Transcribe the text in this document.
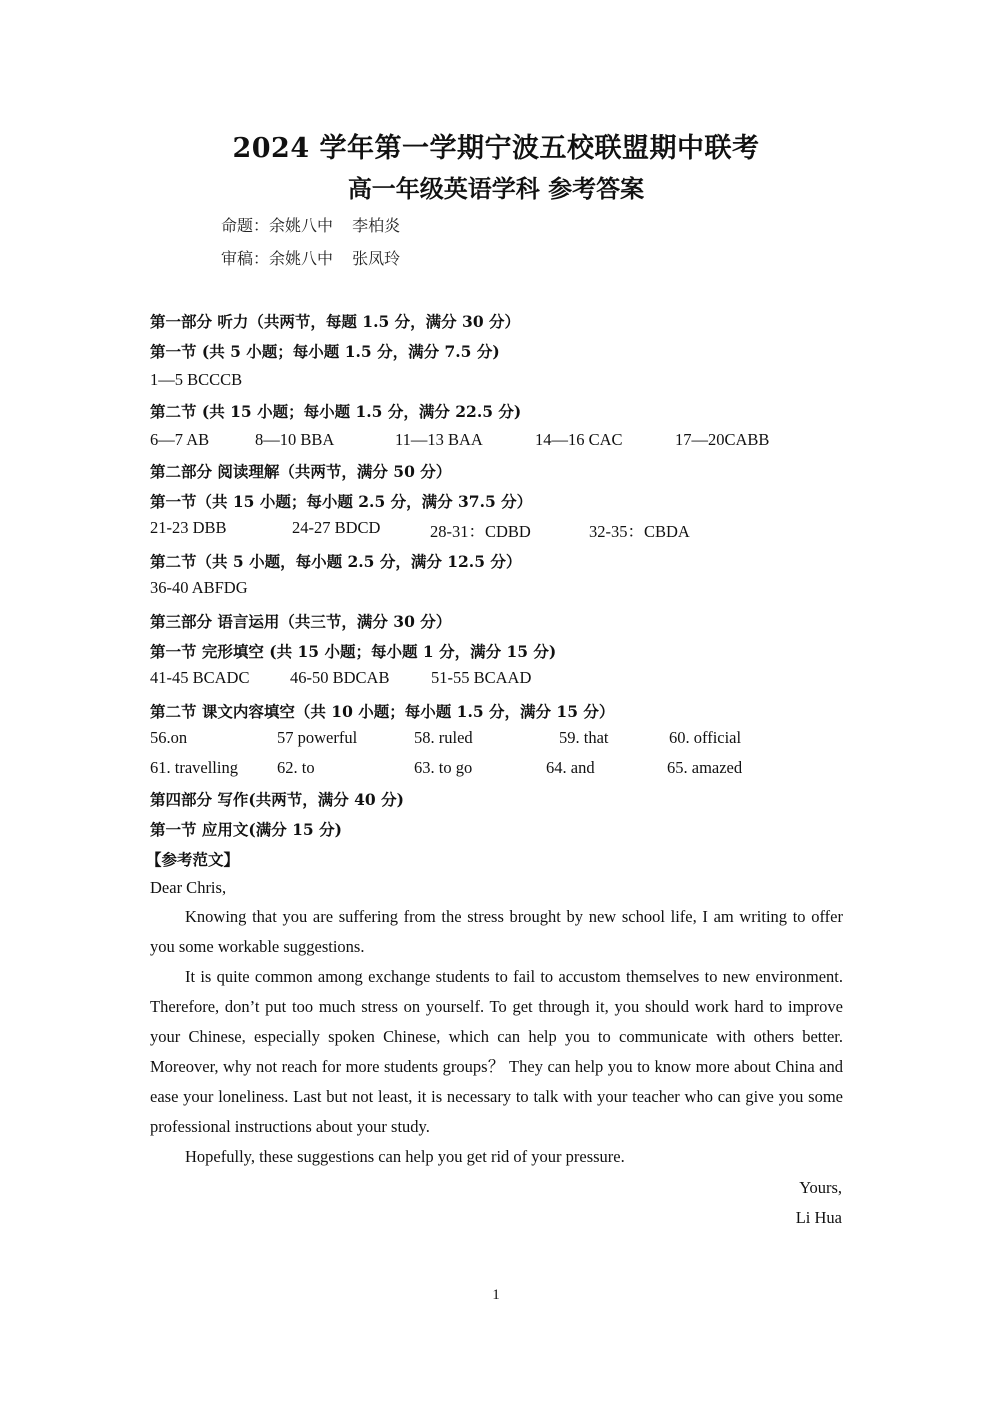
2024 学年第一学期宁波五校联盟期中联考
高一年级英语学科 参考答案
命题：余姚八中 李柏炎
审稿：余姚八中 张凤玲
第一部分 听力（共两节，每题 1.5 分，满分 30 分）
第一节 (共 5 小题；每小题 1.5 分，满分 7.5 分)
1—5 BCCCB
第二节 (共 15 小题；每小题 1.5 分，满分 22.5 分)
6—7 AB	8—10 BBA	11—13 BAA	14—16 CAC	17—20CABB
第二部分 阅读理解（共两节，满分 50 分）
第一节（共 15 小题；每小题 2.5 分，满分 37.5 分）
21-23 DBB	24-27 BDCD	28-31：CDBD	32-35：CBDA
第二节（共 5 小题，每小题 2.5 分，满分 12.5 分）
36-40 ABFDG
第三部分 语言运用（共三节，满分 30 分）
第一节 完形填空 (共 15 小题；每小题 1 分，满分 15 分)
41-45 BCADC 46-50 BDCAB	51-55 BCAAD
第二节 课文内容填空（共 10 小题；每小题 1.5 分，满分 15 分）
56.on	57 powerful	58. ruled	59. that	60. official
61. travelling 62. to	63. to go	64. and	65. amazed
第四部分 写作(共两节，满分 40 分)
第一节 应用文(满分 15 分)
【参考范文】
Dear Chris,
Knowing that you are suffering from the stress brought by new school life, I am writing to offer you some workable suggestions.
It is quite common among exchange students to fail to accustom themselves to new environment. Therefore, don’t put too much stress on yourself. To get through it, you should work hard to improve your Chinese, especially spoken Chinese, which can help you to communicate with others better. Moreover, why not reach for more students groups？ They can help you to know more about China and ease your loneliness. Last but not least, it is necessary to talk with your teacher who can give you some professional instructions about your study.
Hopefully, these suggestions can help you get rid of your pressure.
Yours,
Li Hua
1
